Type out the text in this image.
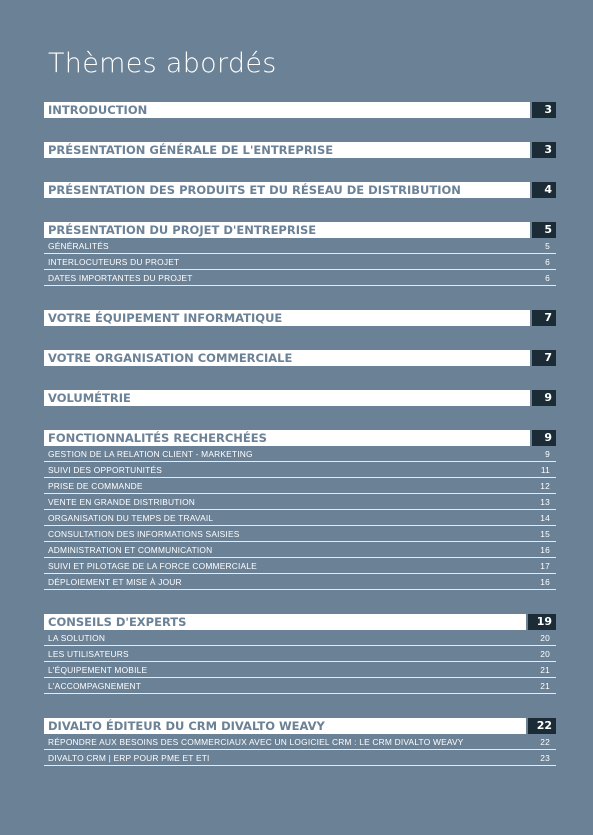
Thèmes abordés
INTRODUCTION	3
PRÉSENTATION GÉNÉRALE DE L'ENTREPRISE	3
PRÉSENTATION DES PRODUITS ET DU RÉSEAU DE DISTRIBUTION	4
PRÉSENTATION DU PROJET D'ENTREPRISE	5
GÉNÉRALITÉS	5
INTERLOCUTEURS DU PROJET	6
DATES IMPORTANTES DU PROJET	6
VOTRE ÉQUIPEMENT INFORMATIQUE	7
VOTRE ORGANISATION COMMERCIALE	7
VOLUMÉTRIE	9
FONCTIONNALITÉS RECHERCHÉES	9
GESTION DE LA RELATION CLIENT - MARKETING	9
SUIVI DES OPPORTUNITÉS	11
PRISE DE COMMANDE	12
VENTE EN GRANDE DISTRIBUTION	13
ORGANISATION DU TEMPS DE TRAVAIL	14
CONSULTATION DES INFORMATIONS SAISIES	15
ADMINISTRATION ET COMMUNICATION	16
SUIVI ET PILOTAGE DE LA FORCE COMMERCIALE	17
DÉPLOIEMENT ET MISE À JOUR	16
CONSEILS D'EXPERTS	19
LA SOLUTION	20
LES UTILISATEURS	20
L'ÉQUIPEMENT MOBILE	21
L'ACCOMPAGNEMENT	21
DIVALTO ÉDITEUR DU CRM DIVALTO WEAVY	22
RÉPONDRE AUX BESOINS DES COMMERCIAUX AVEC UN LOGICIEL CRM : LE CRM DIVALTO WEAVY	22
DIVALTO CRM | ERP POUR PME ET ETI	23
